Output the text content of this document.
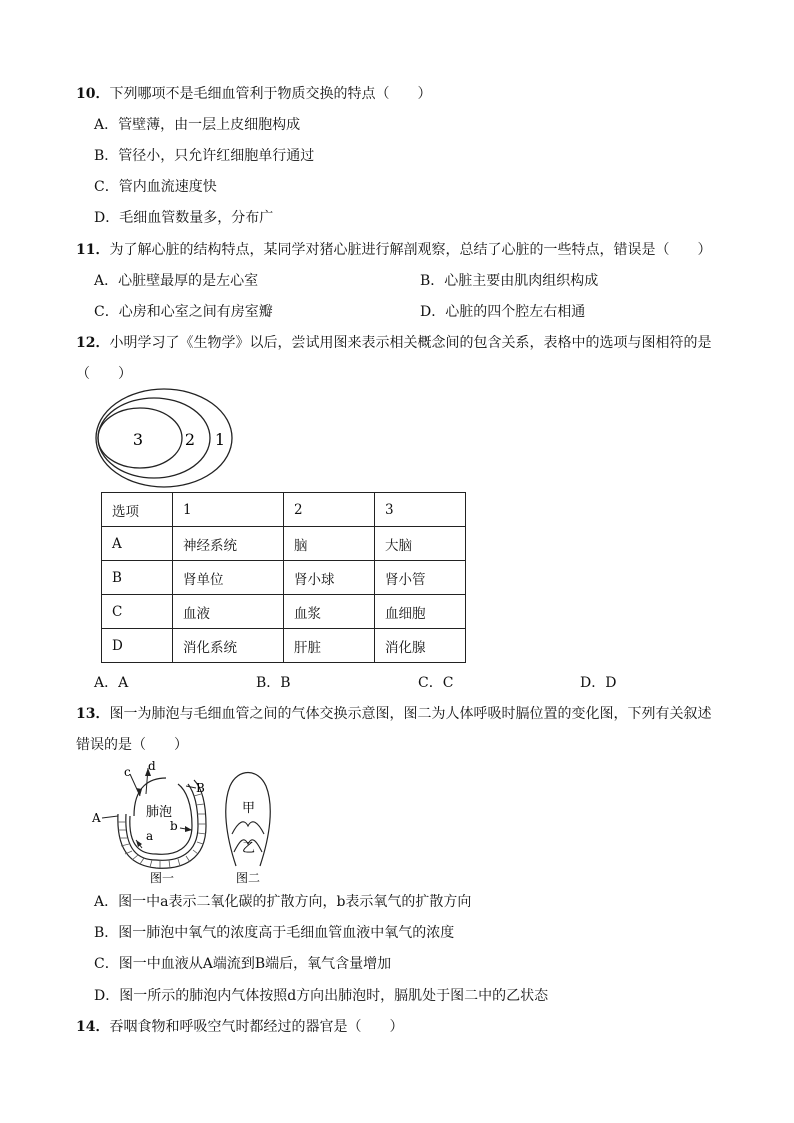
10．下列哪项不是毛细血管利于物质交换的特点（　　）
A．管壁薄，由一层上皮细胞构成
B．管径小，只允许红细胞单行通过
C．管内血流速度快
D．毛细血管数量多，分布广
11．为了解心脏的结构特点，某同学对猪心脏进行解剖观察，总结了心脏的一些特点，错误是（　　）
A．心脏壁最厚的是左心室	B．心脏主要由肌肉组织构成
C．心房和心室之间有房室瓣	D．心脏的四个腔左右相通
12．小明学习了《生物学》以后，尝试用图来表示相关概念间的包含关系，表格中的选项与图相符的是
（　　）
3	2 1
选项	1	2	3
A	神经系统	脑	大脑
B	肾单位	肾小球	肾小管
C	血液	血浆	血细胞
D	消化系统	肝脏	消化腺
A．A	B．B	C．C	D．D
13．图一为肺泡与毛细血管之间的气体交换示意图，图二为人体呼吸时膈位置的变化图，下列有关叙述
错误的是（　　）
肺泡
c d
A
B
a
b
图一
甲
乙
图二
A．图一中a表示二氧化碳的扩散方向，b表示氧气的扩散方向
B．图一肺泡中氧气的浓度高于毛细血管血液中氧气的浓度
C．图一中血液从A端流到B端后，氧气含量增加
D．图一所示的肺泡内气体按照d方向出肺泡时，膈肌处于图二中的乙状态
14．吞咽食物和呼吸空气时都经过的器官是（　　）
